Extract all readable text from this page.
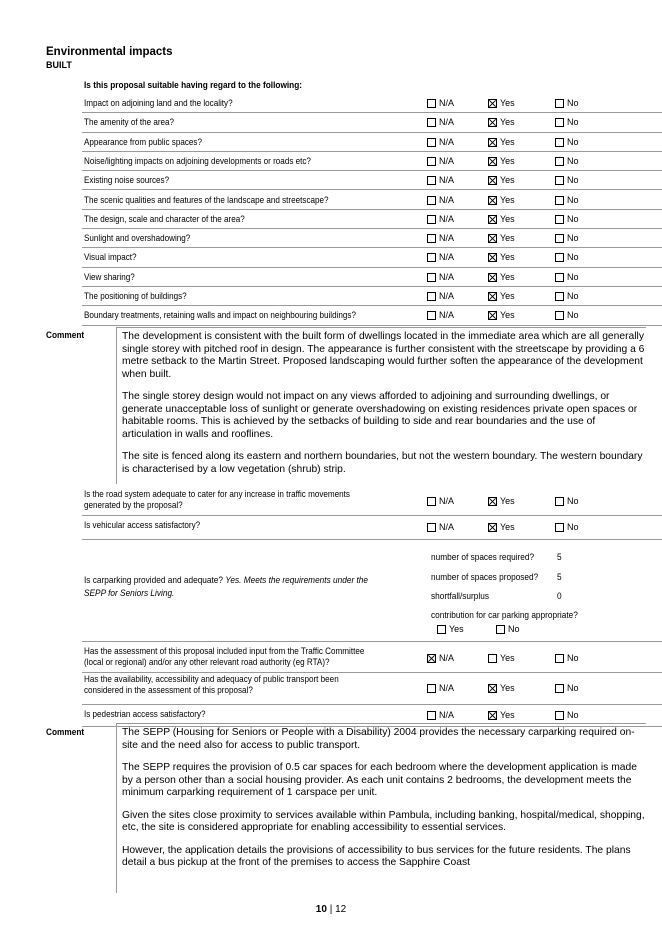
Environmental impacts
BUILT
Is this proposal suitable having regard to the following:
Impact on adjoining land and the locality?	N/A	Yes	No
The amenity of the area?	N/A	Yes	No
Appearance from public spaces?	N/A	Yes	No
Noise/lighting impacts on adjoining developments or roads etc?	N/A	Yes	No
Existing noise sources?	N/A	Yes	No
The scenic qualities and features of the landscape and streetscape?	N/A	Yes	No
The design, scale and character of the area?	N/A	Yes	No
Sunlight and overshadowing?	N/A	Yes	No
Visual impact?	N/A	Yes	No
View sharing?	N/A	Yes	No
The positioning of buildings?	N/A	Yes	No
Boundary treatments, retaining walls and impact on neighbouring buildings?	N/A	Yes	No
Comment	The development is consistent with the built form of dwellings located in the immediate area which are all generally single storey with pitched roof in design. The appearance is further consistent with the streetscape by providing a 6 metre setback to the Martin Street. Proposed landscaping would further soften the appearance of the development when built.

The single storey design would not impact on any views afforded to adjoining and surrounding dwellings, or generate unacceptable loss of sunlight or generate overshadowing on existing residences private open spaces or habitable rooms. This is achieved by the setbacks of building to side and rear boundaries and the use of articulation in walls and rooflines.

The site is fenced along its eastern and northern boundaries, but not the western boundary. The western boundary is characterised by a low vegetation (shrub) strip.

Is the road system adequate to cater for any increase in traffic movements
generated by the proposal?	N/A	Yes	No
Is vehicular access satisfactory?	N/A	Yes	No
Is carparking provided and adequate? Yes. Meets the requirements under the
SEPP for Seniors Living.
number of spaces required?	5
number of spaces proposed? 5
shortfall/surplus	0
contribution for car parking appropriate?
Yes	No
Has the assessment of this proposal included input from the Traffic Committee
(local or regional) and/or any other relevant road authority (eg RTA)?	N/A	Yes	No
Has the availability, accessibility and adequacy of public transport been
considered in the assessment of this proposal?	N/A	Yes	No
Is pedestrian access satisfactory?	N/A	Yes	No
Comment	The SEPP (Housing for Seniors or People with a Disability) 2004 provides the necessary carparking required on-site and the need also for access to public transport.

The SEPP requires the provision of 0.5 car spaces for each bedroom where the development application is made by a person other than a social housing provider. As each unit contains 2 bedrooms, the development meets the minimum carparking requirement of 1 carspace per unit.

Given the sites close proximity to services available within Pambula, including banking, hospital/medical, shopping, etc, the site is considered appropriate for enabling accessibility to essential services.

However, the application details the provisions of accessibility to bus services for the future residents. The plans detail a bus pickup at the front of the premises to access the Sapphire Coast

10 | 12
